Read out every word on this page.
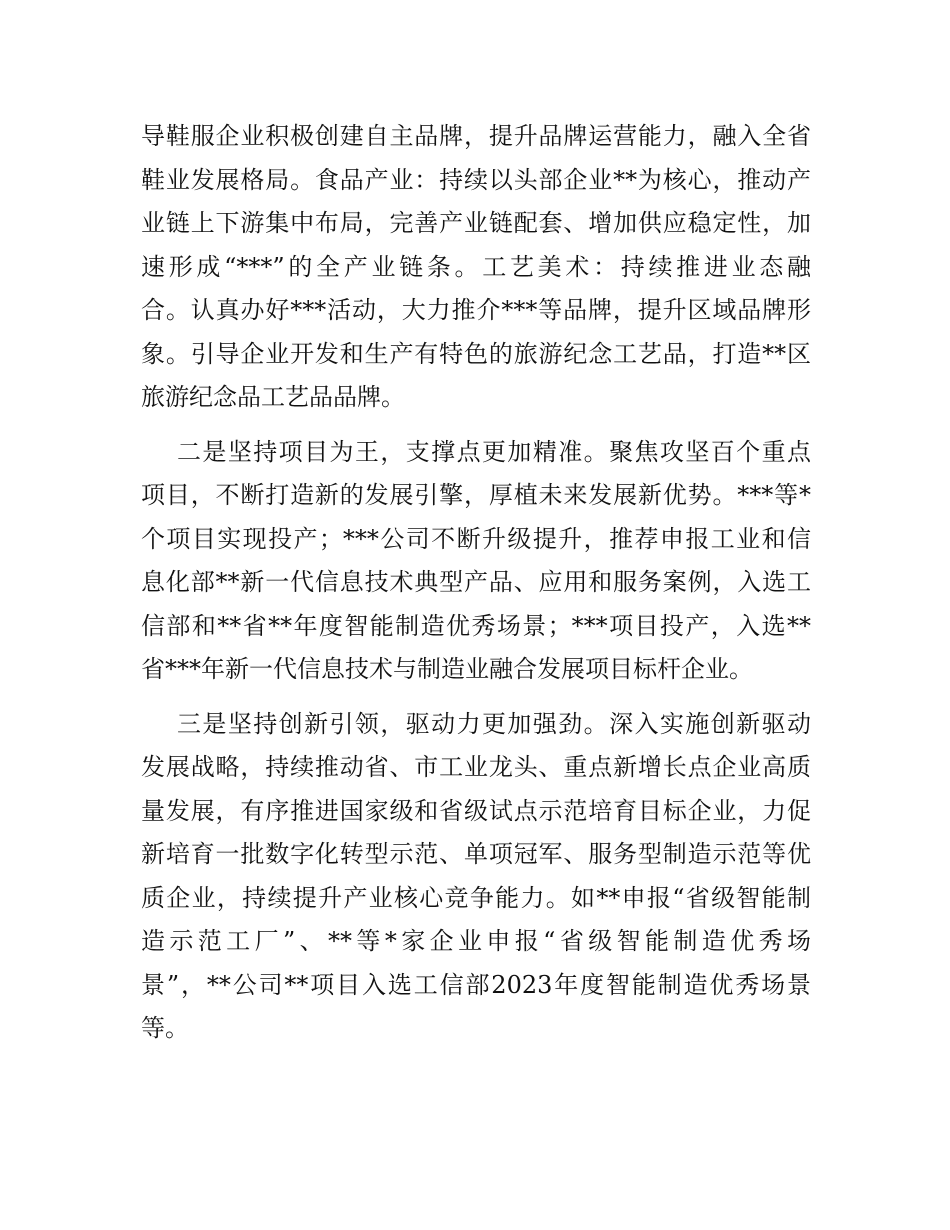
导鞋服企业积极创建自主品牌，提升品牌运营能力，融入全省
鞋业发展格局。食品产业：持续以头部企业**为核心，推动产
业链上下游集中布局，完善产业链配套、增加供应稳定性，加
速形成“***”的全产业链条。工艺美术：持续推进业态融
合。认真办好***活动，大力推介***等品牌，提升区域品牌形
象。引导企业开发和生产有特色的旅游纪念工艺品，打造**区
旅游纪念品工艺品品牌。
二是坚持项目为王，支撑点更加精准。聚焦攻坚百个重点
项目，不断打造新的发展引擎，厚植未来发展新优势。***等*
个项目实现投产；***公司不断升级提升，推荐申报工业和信
息化部**新一代信息技术典型产品、应用和服务案例，入选工
信部和**省**年度智能制造优秀场景；***项目投产，入选**
省***年新一代信息技术与制造业融合发展项目标杆企业。
三是坚持创新引领，驱动力更加强劲。深入实施创新驱动
发展战略，持续推动省、市工业龙头、重点新增长点企业高质
量发展，有序推进国家级和省级试点示范培育目标企业，力促
新培育一批数字化转型示范、单项冠军、服务型制造示范等优
质企业，持续提升产业核心竞争能力。如**申报“省级智能制
造示范工厂”、**等*家企业申报“省级智能制造优秀场
景”，**公司**项目入选工信部2023年度智能制造优秀场景
等。
